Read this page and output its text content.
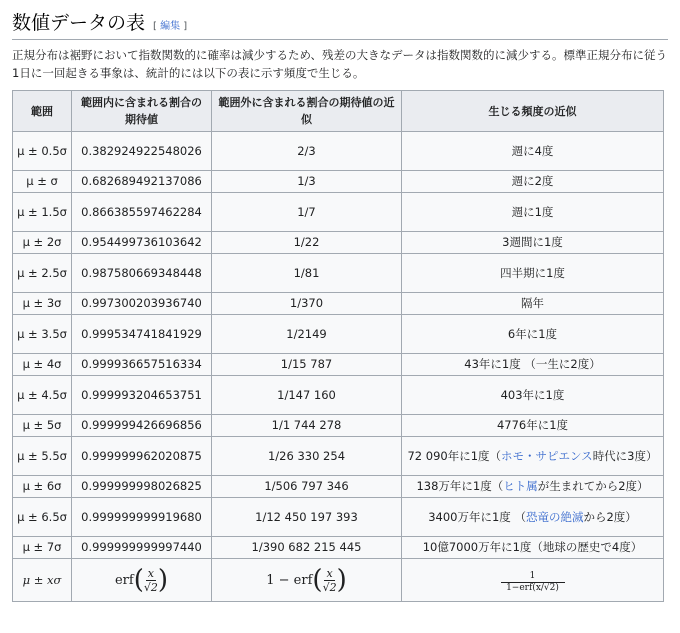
数値データの表 [ 編集 ]

正規分布は裾野において指数関数的に確率は減少するため、残差の大きなデータは指数関数的に減少する。標準正規分布に従う1日に一回起きる事象は、統計的には以下の表に示す頻度で生じる。

範囲	範囲内に含まれる割合の期待値	範囲外に含まれる割合の期待値の近似	生じる頻度の近似
μ ± 0.5σ	0.382924922548026	2/3	週に4度
μ ± σ	0.682689492137086	1/3	週に2度
μ ± 1.5σ	0.866385597462284	1/7	週に1度
μ ± 2σ	0.954499736103642	1/22	3週間に1度
μ ± 2.5σ	0.987580669348448	1/81	四半期に1度
μ ± 3σ	0.997300203936740	1/370	隔年
μ ± 3.5σ	0.999534741841929	1/2149	6年に1度
μ ± 4σ	0.999936657516334	1/15 787	43年に1度 （一生に2度）
μ ± 4.5σ	0.999993204653751	1/147 160	403年に1度
μ ± 5σ	0.999999426696856	1/1 744 278	4776年に1度
μ ± 5.5σ	0.999999962020875	1/26 330 254	72 090年に1度（ホモ・サピエンス時代に3度）
μ ± 6σ	0.999999998026825	1/506 797 346	138万年に1度（ヒト属が生まれてから2度）
μ ± 6.5σ	0.999999999919680	1/12 450 197 393	3400万年に1度 （恐竜の絶滅から2度）
μ ± 7σ	0.999999999997440	1/390 682 215 445	10億7000万年に1度（地球の歴史で4度）
μ ± xσ	erf ( $\frac{x}{√2}$ )	1 − erf ( $\frac{x}{√2}$ )	$\frac{1}{\text{1−erf(x/√2)}}$
